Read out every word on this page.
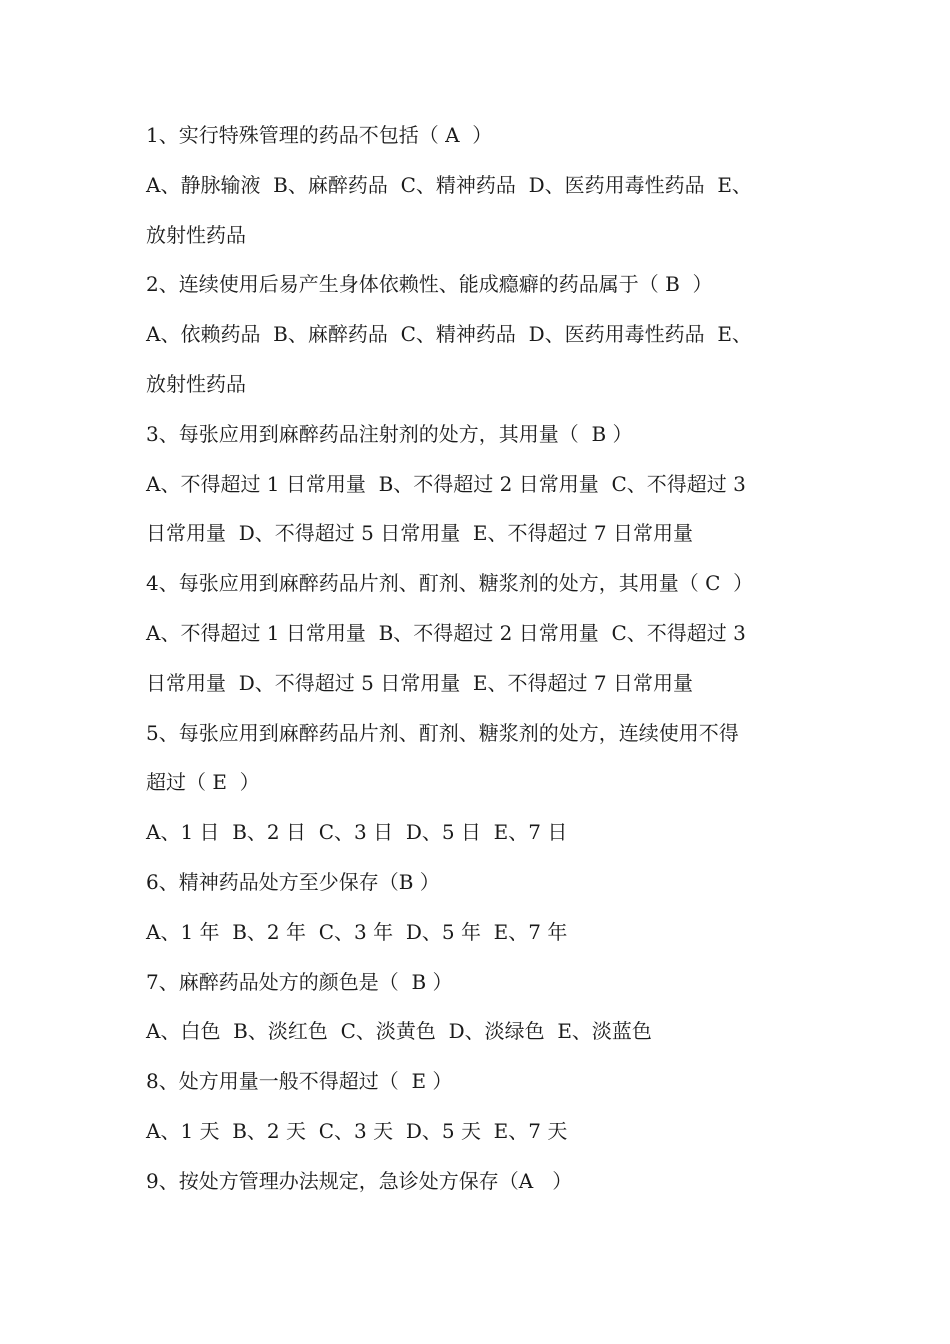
1、实行特殊管理的药品不包括（ A  ）
A、静脉输液  B、麻醉药品  C、精神药品  D、医药用毒性药品  E、
放射性药品
2、连续使用后易产生身体依赖性、能成瘾癖的药品属于（ B  ）
A、依赖药品  B、麻醉药品  C、精神药品  D、医药用毒性药品  E、
放射性药品
3、每张应用到麻醉药品注射剂的处方，其用量（  B ）
A、不得超过 1 日常用量  B、不得超过 2 日常用量  C、不得超过 3
日常用量  D、不得超过 5 日常用量  E、不得超过 7 日常用量
4、每张应用到麻醉药品片剂、酊剂、糖浆剂的处方，其用量（ C  ）
A、不得超过 1 日常用量  B、不得超过 2 日常用量  C、不得超过 3
日常用量  D、不得超过 5 日常用量  E、不得超过 7 日常用量
5、每张应用到麻醉药品片剂、酊剂、糖浆剂的处方，连续使用不得
超过（ E  ）
A、1 日  B、2 日  C、3 日  D、5 日  E、7 日
6、精神药品处方至少保存（B ）
A、1 年  B、2 年  C、3 年  D、5 年  E、7 年
7、麻醉药品处方的颜色是（  B ）
A、白色  B、淡红色  C、淡黄色  D、淡绿色  E、淡蓝色
8、处方用量一般不得超过（  E ）
A、1 天  B、2 天  C、3 天  D、5 天  E、7 天
9、按处方管理办法规定，急诊处方保存（A   ）
